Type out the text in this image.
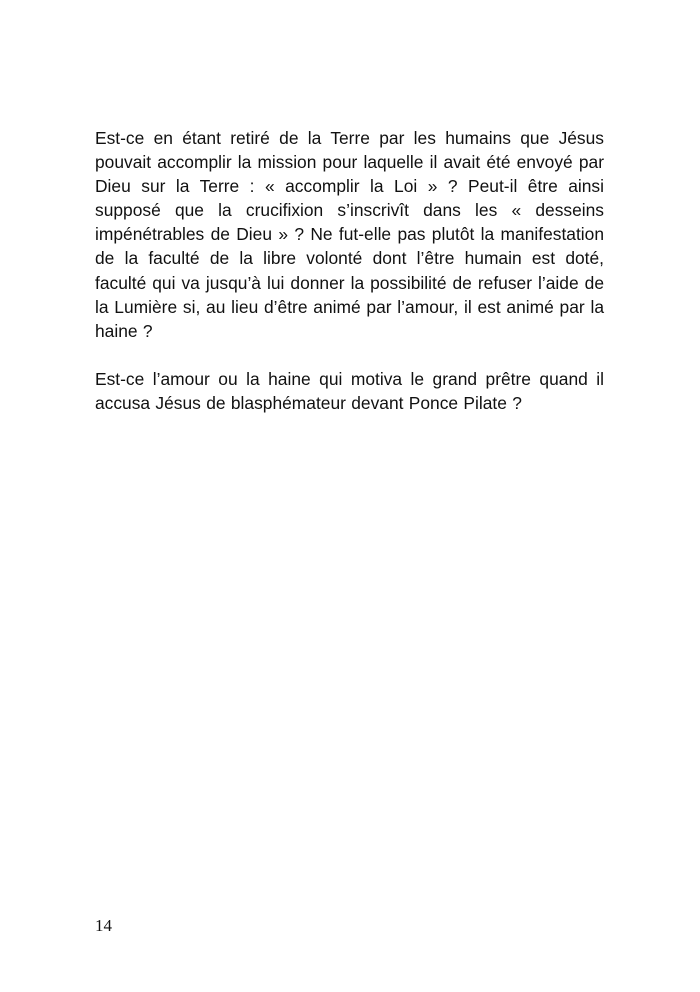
Est-ce en étant retiré de la Terre par les humains que Jésus pouvait accomplir la mission pour laquelle il avait été envoyé par Dieu sur la Terre : « accomplir la Loi » ? Peut-il être ainsi supposé que la crucifixion s’inscrivît dans les « desseins impénétrables de Dieu » ? Ne fut-elle pas plutôt la manifestation de la faculté de la libre volonté dont l’être humain est doté, faculté qui va jusqu’à lui donner la possibilité de refuser l’aide de la Lumière si, au lieu d’être animé par l’amour, il est animé par la haine ?

Est-ce l’amour ou la haine qui motiva le grand prêtre quand il accusa Jésus de blasphémateur devant Ponce Pilate ?

14
